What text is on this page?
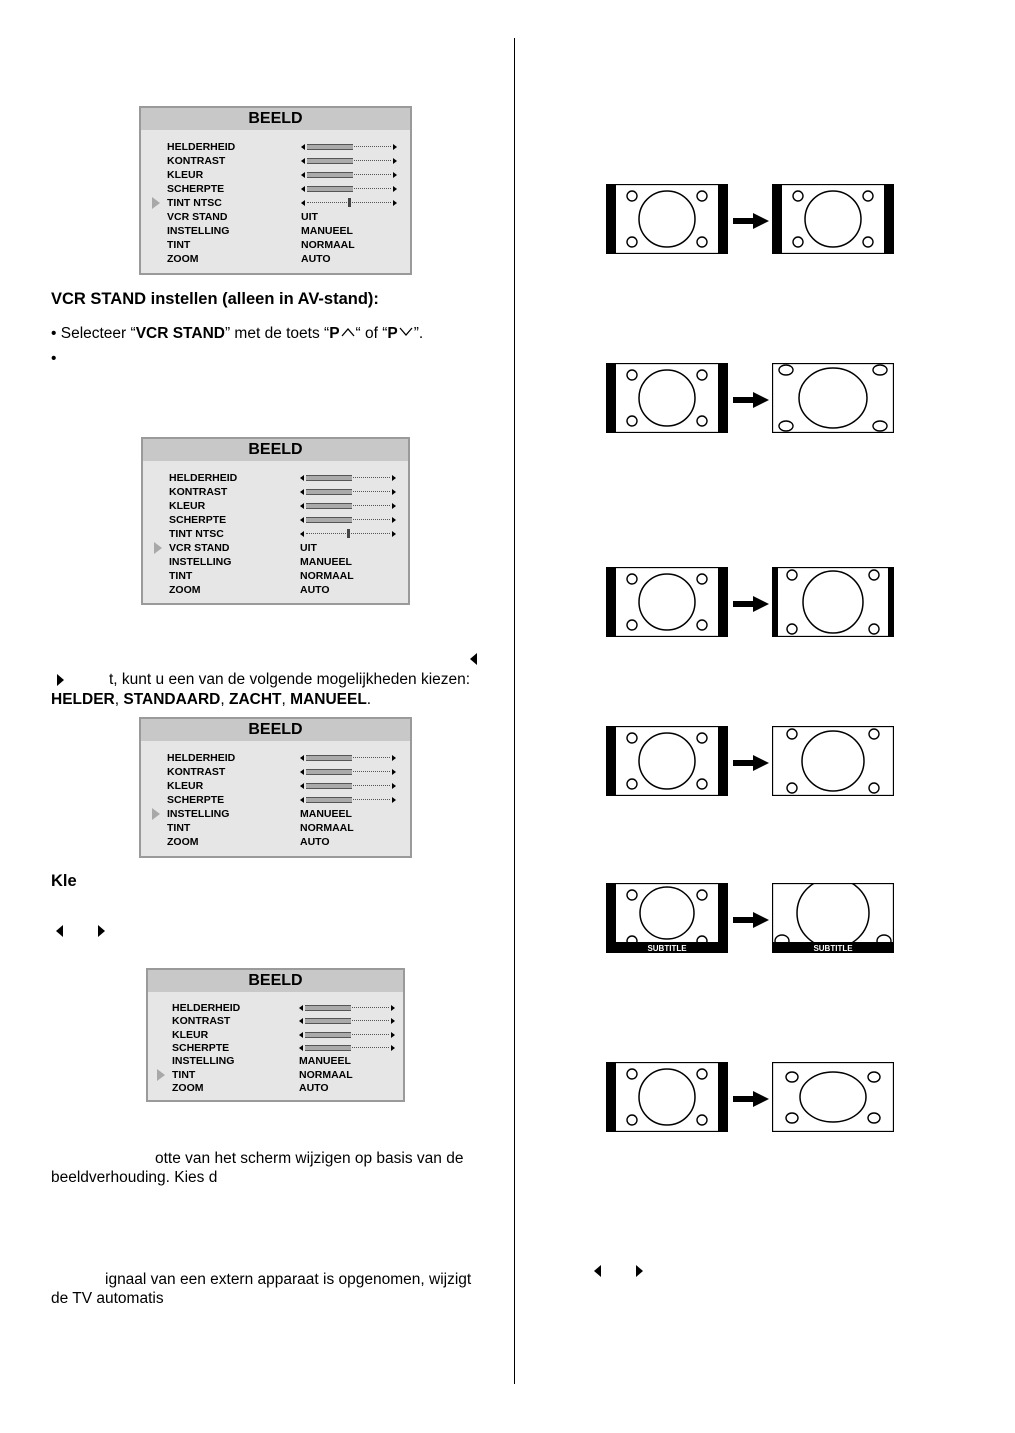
BEELD
HELDERHEID
KONTRAST
KLEUR
SCHERPTE
TINT NTSC
VCR STAND	UIT
INSTELLING	MANUEEL
TINT	NORMAAL
ZOOM	AUTO
BEELD
HELDERHEID
KONTRAST
KLEUR
SCHERPTE
TINT NTSC
VCR STAND	UIT
INSTELLING	MANUEEL
TINT	NORMAAL
ZOOM	AUTO
BEELD
HELDERHEID
KONTRAST
KLEUR
SCHERPTE
INSTELLING	MANUEEL
TINT	NORMAAL
ZOOM	AUTO
BEELD
HELDERHEID
KONTRAST
KLEUR
SCHERPTE
INSTELLING	MANUEEL
TINT	NORMAAL
ZOOM	AUTO
VCR STAND instellen (alleen in AV-stand):
• Selecteer “VCR STAND” met de toets “P “ of “P ”.
•
t, kunt u een van de volgende mogelijkheden kiezen:
HELDER, STANDAARD, ZACHT, MANUEEL.
Kle
otte van het scherm wijzigen op basis van de
beeldverhouding. Kies d
ignaal van een extern apparaat is opgenomen, wijzigt
de TV automatis
SUBTITLE	SUBTITLE
